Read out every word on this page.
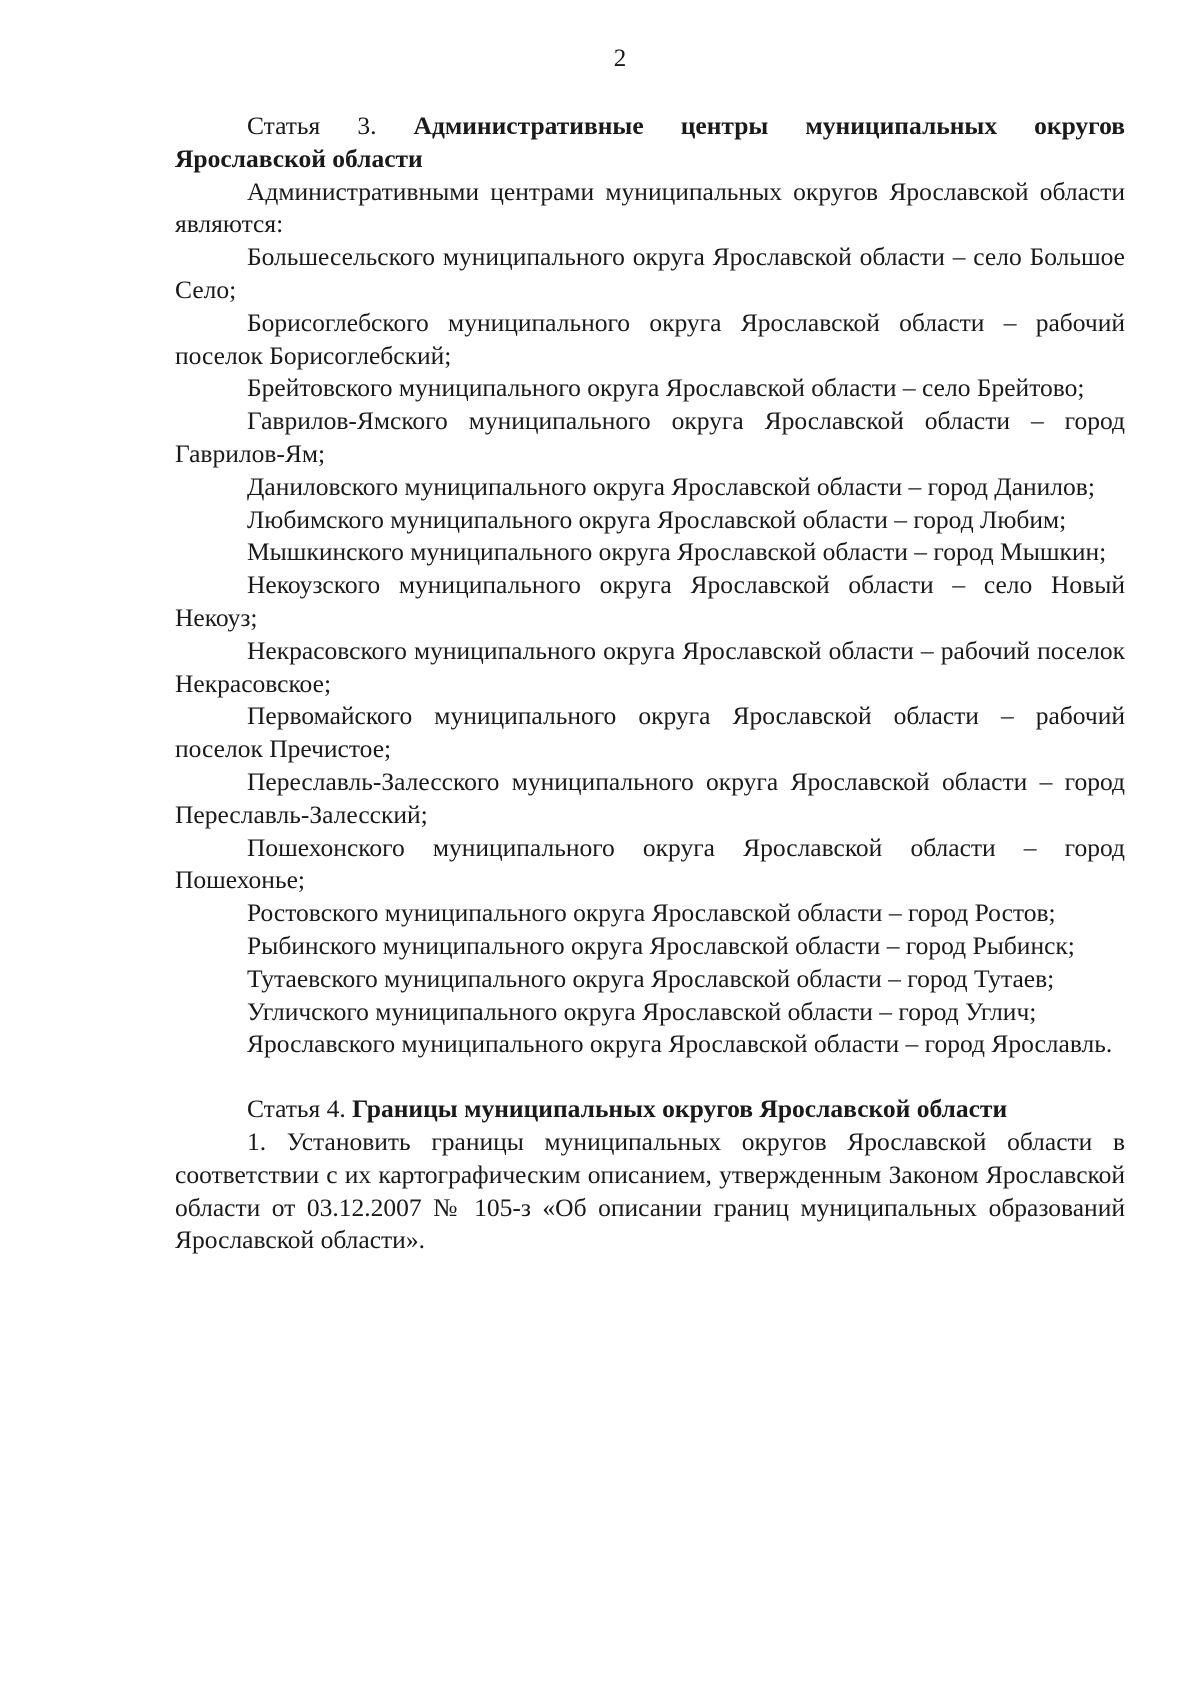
2
Статья 3. Административные центры муниципальных округов Ярославской области

Административными центрами муниципальных округов Ярославской области являются:

Большесельского муниципального округа Ярославской области – село Большое Село;

Борисоглебского муниципального округа Ярославской области – рабочий поселок Борисоглебский;

Брейтовского муниципального округа Ярославской области – село Брейтово;

Гаврилов-Ямского муниципального округа Ярославской области – город Гаврилов-Ям;

Даниловского муниципального округа Ярославской области – город Данилов;

Любимского муниципального округа Ярославской области – город Любим;

Мышкинского муниципального округа Ярославской области – город Мышкин;

Некоузского муниципального округа Ярославской области – село Новый Некоуз;

Некрасовского муниципального округа Ярославской области – рабочий поселок Некрасовское;

Первомайского муниципального округа Ярославской области – рабочий поселок Пречистое;

Переславль-Залесского муниципального округа Ярославской области – город Переславль-Залесский;

Пошехонского муниципального округа Ярославской области – город Пошехонье;

Ростовского муниципального округа Ярославской области – город Ростов;

Рыбинского муниципального округа Ярославской области – город Рыбинск;

Тутаевского муниципального округа Ярославской области – город Тутаев;

Угличского муниципального округа Ярославской области – город Углич;

Ярославского муниципального округа Ярославской области – город Ярославль.

Статья 4. Границы муниципальных округов Ярославской области

1. Установить границы муниципальных округов Ярославской области в соответствии с их картографическим описанием, утвержденным Законом Ярославской области от 03.12.2007 № 105-з «Об описании границ муниципальных образований Ярославской области».
